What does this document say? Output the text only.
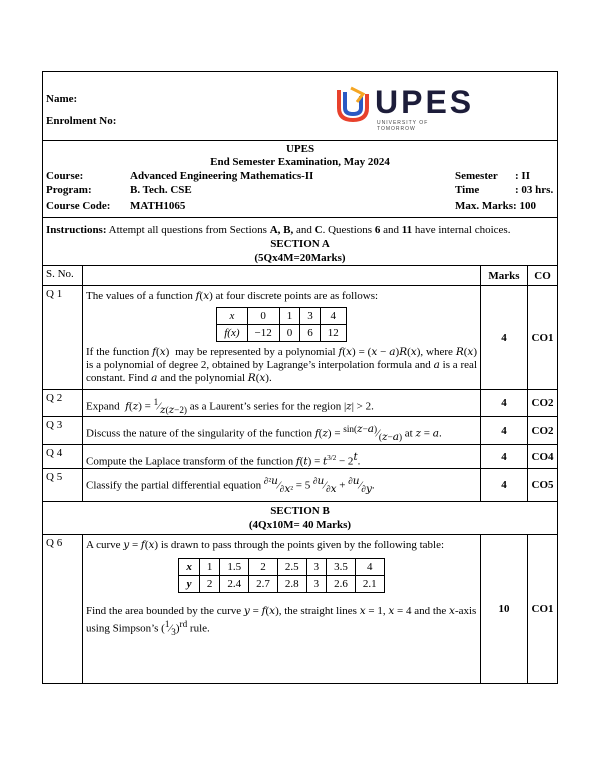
Name:
Enrolment No:
UPES
UNIVERSITY OF TOMORROW
UPES
End Semester Examination, May 2024
Course:	Advanced Engineering Mathematics-II	Semester	: II
Program:	B. Tech. CSE	Time	: 03 hrs.
Course Code:	MATH1065	Max. Marks: 100
Instructions: Attempt all questions from Sections A, B, and C. Questions 6 and 11 have internal choices.
SECTION A
(5Qx4M=20Marks)
S. No.	Marks	CO
Q 1	The values of a function f(x) at four discrete points are as follows:
x	0	1	3	4
f(x)	−12	0	6	12
If the function f(x)  may be represented by a polynomial f(x) = (x − a)R(x), where R(x) is a polynomial of degree 2, obtained by Lagrange’s interpolation formula and a is a real constant. Find a and the polynomial R(x).
4	CO1
Q 2
Expand  $f(z) = ^1⁄_{z(z-2)}$ as a Laurent’s series for the region |z| > 2.	4	CO2
Q 3
Discuss the nature of the singularity of the function $f(z) = ^{sin(z-a)}⁄_{(z-a)}$ at z = a.	4	CO2
Q 4
Compute the Laplace transform of the function $f(t) = t^{3/2} - 2^t$.	4	CO4
Q 5
Classify the partial differential equation $^{\partial^2u}⁄_{\partial x^2} = 5$ $^{\partial u}⁄_{\partial x}$ + $^{\partial u}⁄_{\partial y}$.	4	CO5
SECTION B
(4Qx10M= 40 Marks)
Q 6	A curve y = f(x) is drawn to pass through the points given by the following table:
x	1	1.5	2	2.5	3	3.5	4
y	2	2.4	2.7	2.8	3	2.6	2.1
Find the area bounded by the curve y = f(x), the straight lines x = 1, x = 4 and the x-axis using Simpson’s $(^1⁄_3)^{rd}$ rule.
10	CO1
